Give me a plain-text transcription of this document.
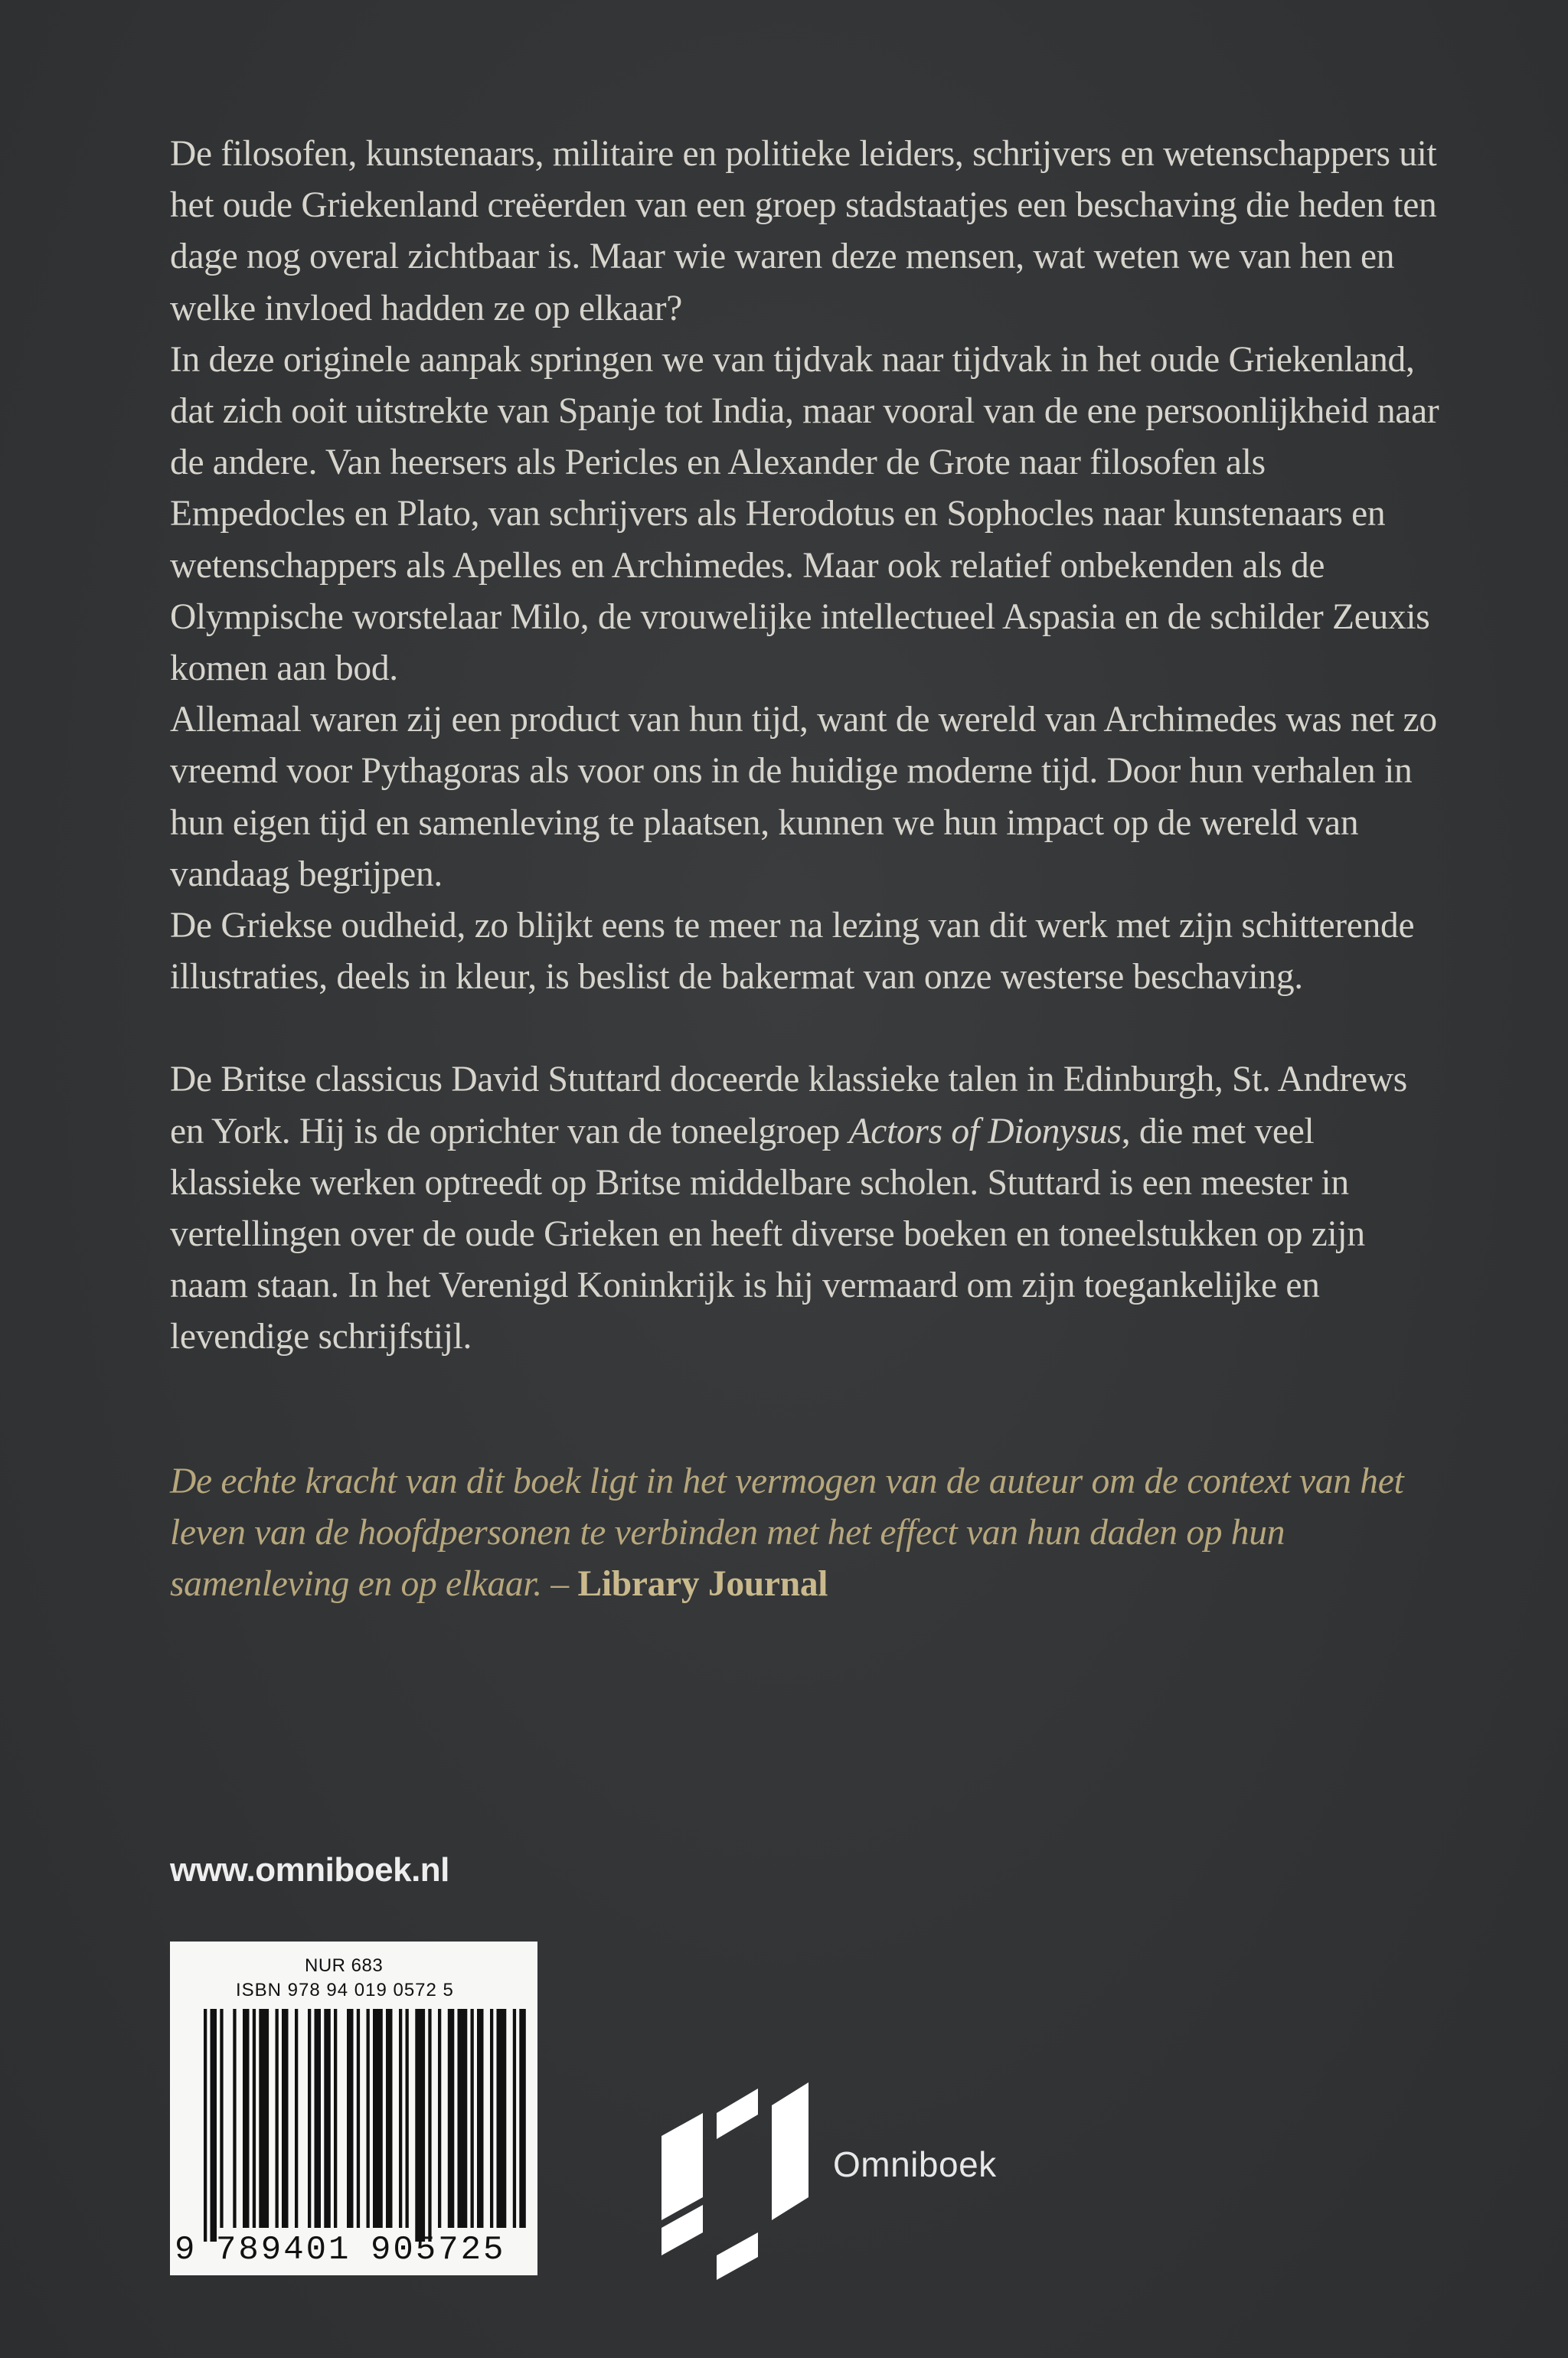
De filosofen, kunstenaars, militaire en politieke leiders, schrijvers en wetenschappers uit het oude Griekenland creëerden van een groep stadstaatjes een beschaving die heden ten dage nog overal zichtbaar is. Maar wie waren deze mensen, wat weten we van hen en welke invloed hadden ze op elkaar?

In deze originele aanpak springen we van tijdvak naar tijdvak in het oude Griekenland, dat zich ooit uitstrekte van Spanje tot India, maar vooral van de ene persoonlijkheid naar de andere. Van heersers als Pericles en Alexander de Grote naar filosofen als Empedocles en Plato, van schrijvers als Herodotus en Sophocles naar kunstenaars en wetenschappers als Apelles en Archimedes. Maar ook relatief onbekenden als de Olympische worstelaar Milo, de vrouwelijke intellectueel Aspasia en de schilder Zeuxis komen aan bod.

Allemaal waren zij een product van hun tijd, want de wereld van Archimedes was net zo vreemd voor Pythagoras als voor ons in de huidige moderne tijd. Door hun verhalen in hun eigen tijd en samenleving te plaatsen, kunnen we hun impact op de wereld van vandaag begrijpen.

De Griekse oudheid, zo blijkt eens te meer na lezing van dit werk met zijn schitterende illustraties, deels in kleur, is beslist de bakermat van onze westerse beschaving.

De Britse classicus David Stuttard doceerde klassieke talen in Edinburgh, St. Andrews en York. Hij is de oprichter van de toneelgroep Actors of Dionysus, die met veel klassieke werken optreedt op Britse middelbare scholen. Stuttard is een meester in vertellingen over de oude Grieken en heeft diverse boeken en toneelstukken op zijn naam staan. In het Verenigd Koninkrijk is hij vermaard om zijn toegankelijke en levendige schrijfstijl.

De echte kracht van dit boek ligt in het vermogen van de auteur om de context van het leven van de hoofdpersonen te verbinden met het effect van hun daden op hun samenleving en op elkaar. – Library Journal
www.omniboek.nl
NUR 683
ISBN 978 94 019 0572 5
9 789401 905725
Omniboek
